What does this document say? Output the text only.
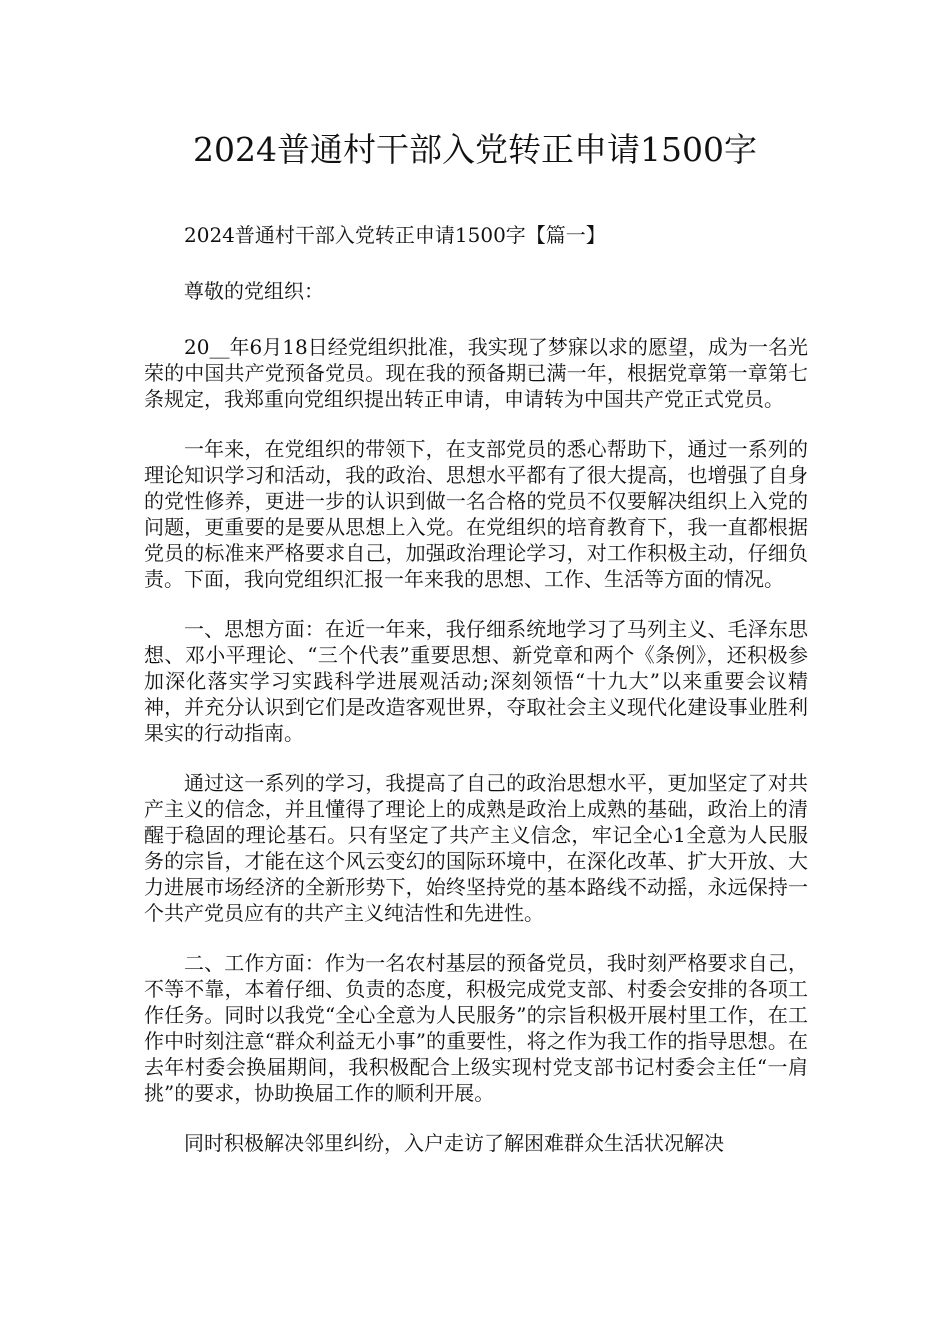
2024普通村干部入党转正申请1500字

2024普通村干部入党转正申请1500字【篇一】

尊敬的党组织：

20__年6月18日经党组织批准，我实现了梦寐以求的愿望，成为一名光荣的中国共产党预备党员。现在我的预备期已满一年，根据党章第一章第七条规定，我郑重向党组织提出转正申请，申请转为中国共产党正式党员。

一年来，在党组织的带领下，在支部党员的悉心帮助下，通过一系列的理论知识学习和活动，我的政治、思想水平都有了很大提高，也增强了自身的党性修养，更进一步的认识到做一名合格的党员不仅要解决组织上入党的问题，更重要的是要从思想上入党。在党组织的培育教育下，我一直都根据党员的标准来严格要求自己，加强政治理论学习，对工作积极主动，仔细负责。下面，我向党组织汇报一年来我的思想、工作、生活等方面的情况。

一、思想方面：在近一年来，我仔细系统地学习了马列主义、毛泽东思想、邓小平理论、“三个代表”重要思想、新党章和两个《条例》，还积极参加深化落实学习实践科学进展观活动;深刻领悟“十九大”以来重要会议精神，并充分认识到它们是改造客观世界，夺取社会主义现代化建设事业胜利果实的行动指南。

通过这一系列的学习，我提高了自己的政治思想水平，更加坚定了对共产主义的信念，并且懂得了理论上的成熟是政治上成熟的基础，政治上的清醒于稳固的理论基石。只有坚定了共产主义信念，牢记全心1全意为人民服务的宗旨，才能在这个风云变幻的国际环境中，在深化改革、扩大开放、大力进展市场经济的全新形势下，始终坚持党的基本路线不动摇，永远保持一个共产党员应有的共产主义纯洁性和先进性。

二、工作方面：作为一名农村基层的预备党员，我时刻严格要求自己，不等不靠，本着仔细、负责的态度，积极完成党支部、村委会安排的各项工作任务。同时以我党“全心全意为人民服务”的宗旨积极开展村里工作，在工作中时刻注意“群众利益无小事”的重要性，将之作为我工作的指导思想。在去年村委会换届期间，我积极配合上级实现村党支部书记村委会主任“一肩挑”的要求，协助换届工作的顺利开展。

同时积极解决邻里纠纷，入户走访了解困难群众生活状况解决
